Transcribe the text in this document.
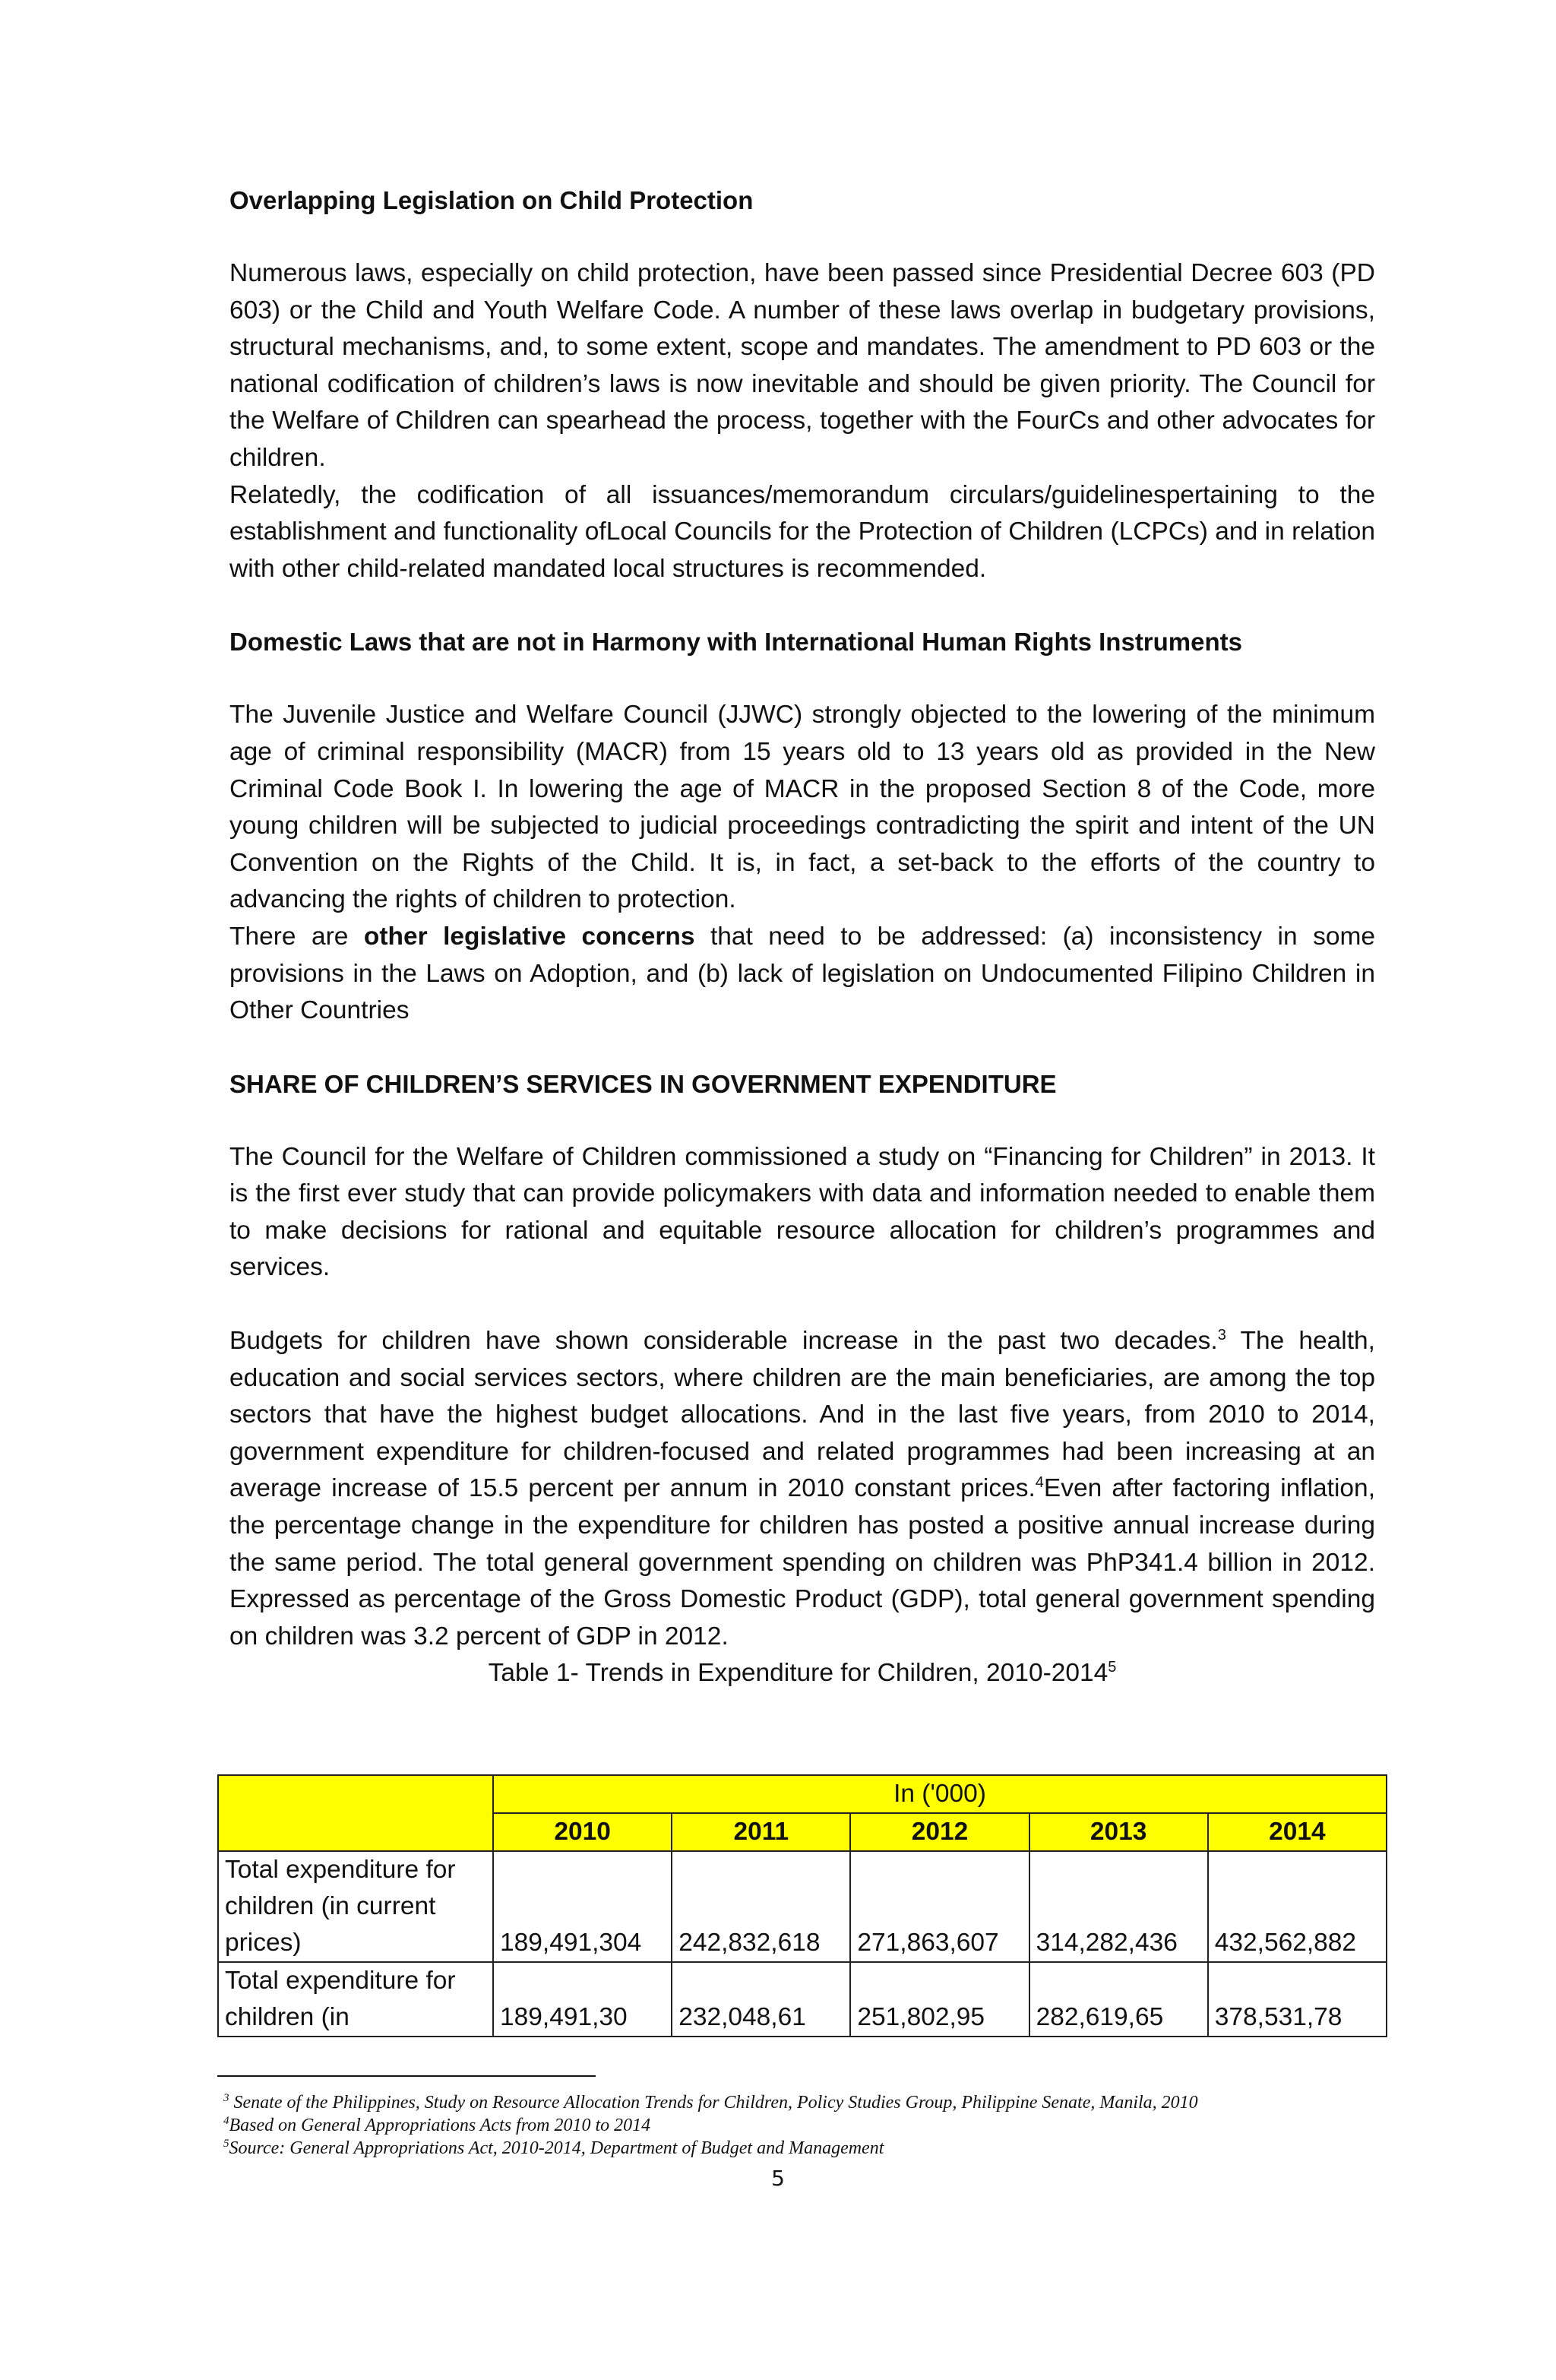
Overlapping Legislation on Child Protection

Numerous laws, especially on child protection, have been passed since Presidential Decree 603 (PD 603) or the Child and Youth Welfare Code. A number of these laws overlap in budgetary provisions, structural mechanisms, and, to some extent, scope and mandates. The amendment to PD 603 or the national codification of children’s laws is now inevitable and should be given priority. The Council for the Welfare of Children can spearhead the process, together with the FourCs and other advocates for children.

Relatedly, the codification of all issuances/memorandum circulars/guidelinespertaining to the establishment and functionality ofLocal Councils for the Protection of Children (LCPCs) and in relation with other child-related mandated local structures is recommended.

Domestic Laws that are not in Harmony with International Human Rights Instruments

The Juvenile Justice and Welfare Council (JJWC) strongly objected to the lowering of the minimum age of criminal responsibility (MACR) from 15 years old to 13 years old as provided in the New Criminal Code Book I. In lowering the age of MACR in the proposed Section 8 of the Code, more young children will be subjected to judicial proceedings contradicting the spirit and intent of the UN Convention on the Rights of the Child. It is, in fact, a set-back to the efforts of the country to advancing the rights of children to protection.

There are other legislative concerns that need to be addressed: (a) inconsistency in some provisions in the Laws on Adoption, and (b) lack of legislation on Undocumented Filipino Children in Other Countries

SHARE OF CHILDREN’S SERVICES IN GOVERNMENT EXPENDITURE

The Council for the Welfare of Children commissioned a study on “Financing for Children” in 2013. It is the first ever study that can provide policymakers with data and information needed to enable them to make decisions for rational and equitable resource allocation for children’s programmes and services.

Budgets for children have shown considerable increase in the past two decades.$^3$ The health, education and social services sectors, where children are the main beneficiaries, are among the top sectors that have the highest budget allocations. And in the last five years, from 2010 to 2014, government expenditure for children-focused and related programmes had been increasing at an average increase of 15.5 percent per annum in 2010 constant prices.$^4$Even after factoring inflation, the percentage change in the expenditure for children has posted a positive annual increase during the same period. The total general government spending on children was PhP341.4 billion in 2012. Expressed as percentage of the Gross Domestic Product (GDP), total general government spending on children was 3.2 percent of GDP in 2012.

Table 1- Trends in Expenditure for Children, 2010-2014$^5$

	In ('000)				
	2010	2011	2012	2013	2014
Total expenditure for children (in current prices)	189,491,304	242,832,618	271,863,607	314,282,436	432,562,882
Total expenditure for children (in	189,491,30	232,048,61	251,802,95	282,619,65	378,531,78
$^3$ Senate of the Philippines, Study on Resource Allocation Trends for Children, Policy Studies Group, Philippine Senate, Manila, 2010
$^4$Based on General Appropriations Acts from 2010 to 2014
$^5$Source: General Appropriations Act, 2010-2014, Department of Budget and Management
5
